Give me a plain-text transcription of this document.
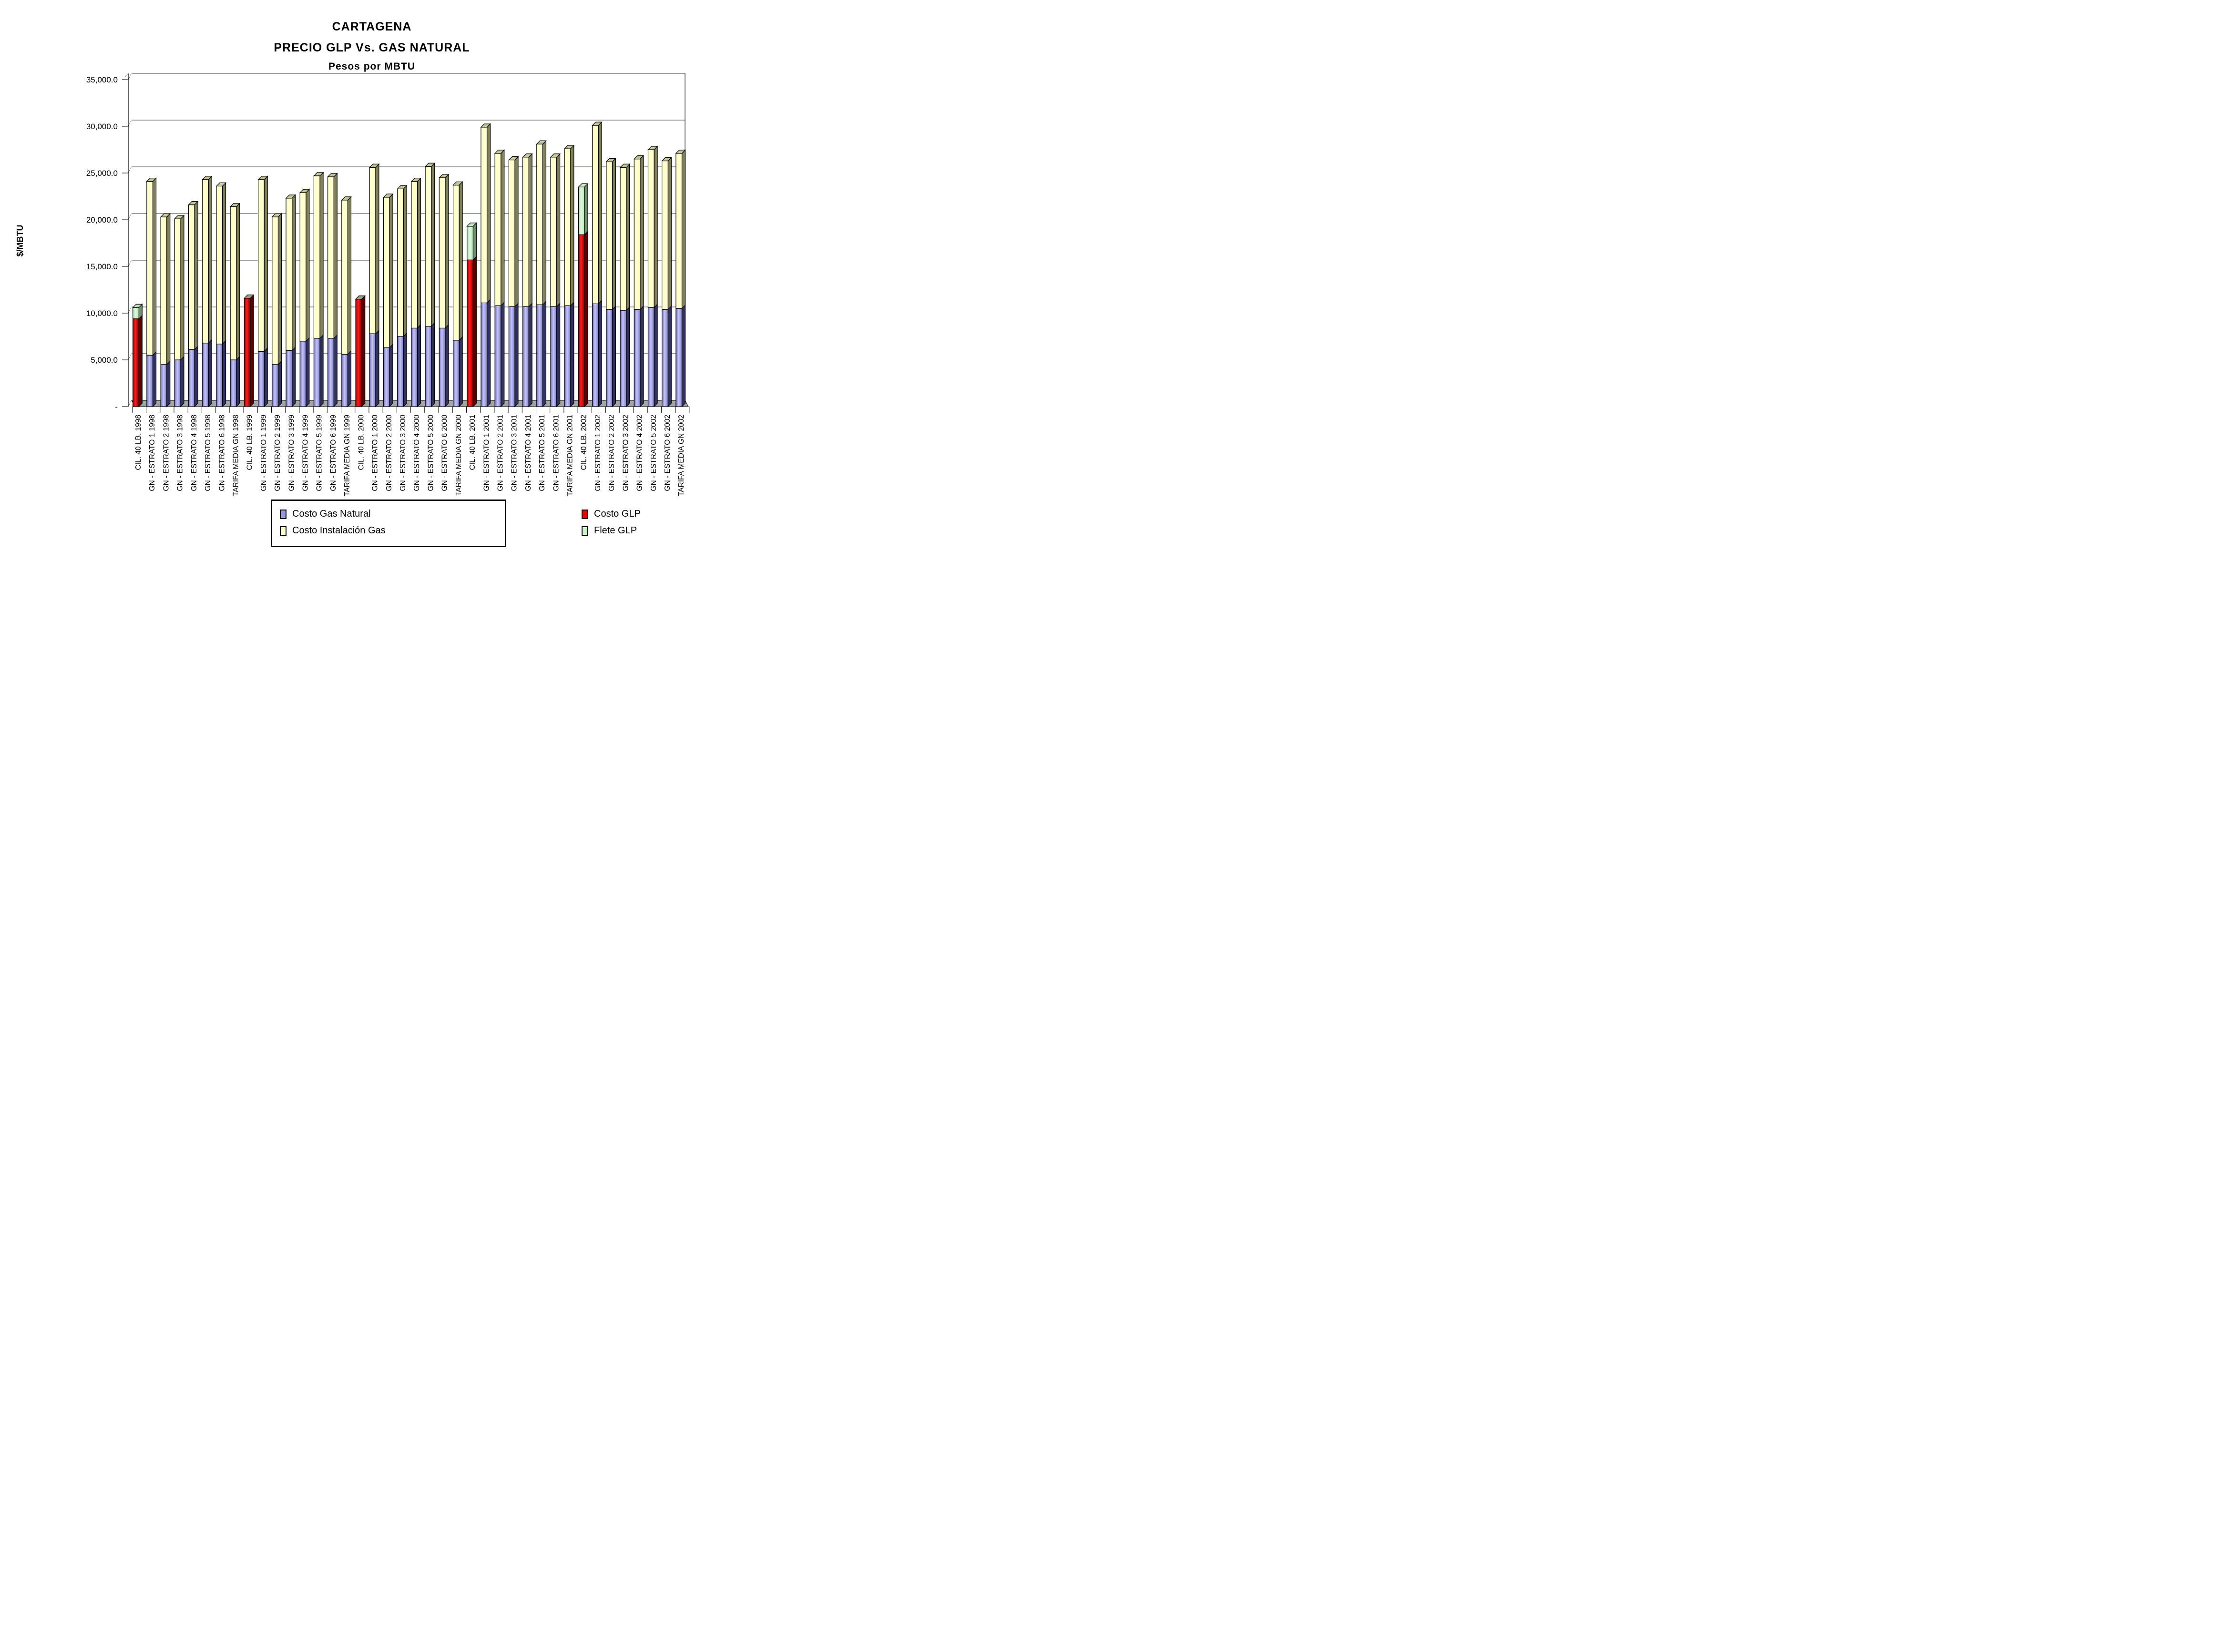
-
5,000.0
10,000.0
15,000.0
20,000.0
25,000.0
30,000.0
35,000.0
CIL. 40 LB. 1998 GN - ESTRATO 1 1998 GN - ESTRATO 2 1998 GN - ESTRATO 3 1998 GN - ESTRATO 4 1998 GN - ESTRATO 5 1998 GN - ESTRATO 6 1998 TARIFA MEDIA GN 1998 CIL. 40 LB. 1999 GN - ESTRATO 1 1999 GN - ESTRATO 2 1999 GN - ESTRATO 3 1999 GN - ESTRATO 4 1999 GN - ESTRATO 5 1999 GN - ESTRATO 6 1999 TARIFA MEDIA GN 1999 CIL. 40 LB. 2000 GN - ESTRATO 1 2000 GN - ESTRATO 2 2000 GN - ESTRATO 3 2000 GN - ESTRATO 4 2000 GN - ESTRATO 5 2000 GN - ESTRATO 6 2000 TARIFA MEDIA GN 2000 CIL. 40 LB. 2001 GN - ESTRATO 1 2001 GN - ESTRATO 2 2001 GN - ESTRATO 3 2001 GN - ESTRATO 4 2001 GN - ESTRATO 5 2001 GN - ESTRATO 6 2001 TARIFA MEDIA GN 2001 CIL. 40 LB. 2002 GN - ESTRATO 1 2002 GN - ESTRATO 2 2002 GN - ESTRATO 3 2002 GN - ESTRATO 4 2002 GN - ESTRATO 5 2002 GN - ESTRATO 6 2002 TARIFA MEDIA GN 2002
$/MBTU
CARTAGENA
PRECIO GLP Vs. GAS NATURAL
Pesos por MBTU
Costo Gas Natural	Costo GLP
Costo Instalación Gas	Flete GLP
